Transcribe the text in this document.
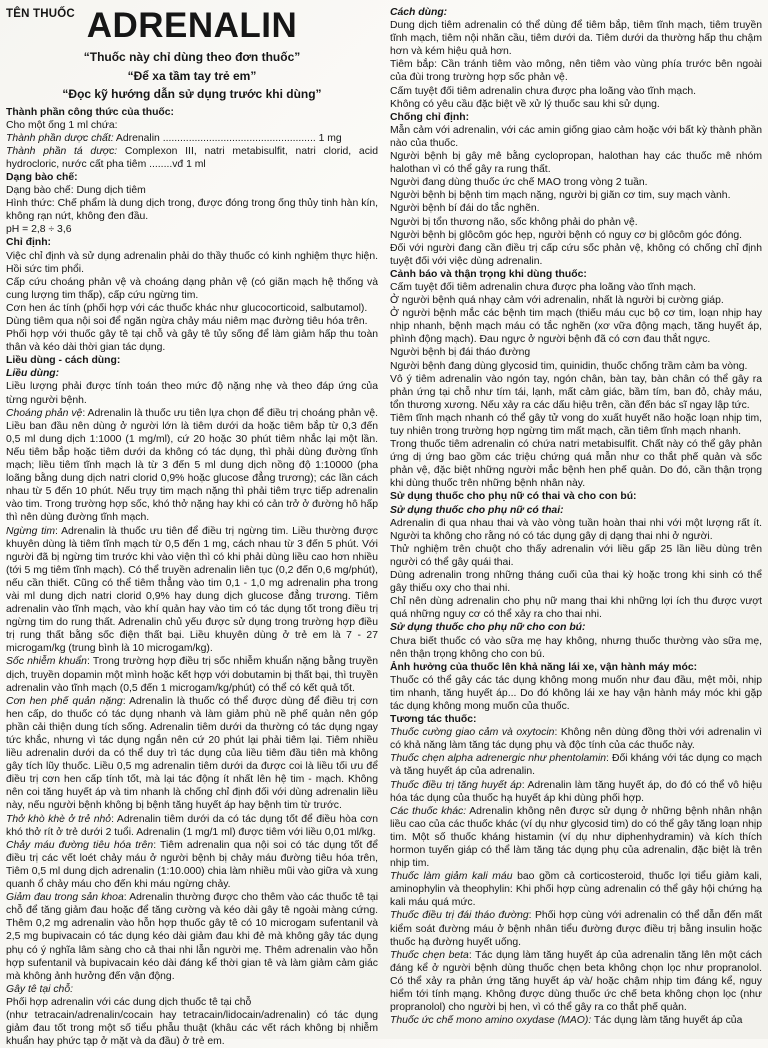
TÊN THUỐC ADRENALIN

“Thuốc này chỉ dùng theo đơn thuốc”

“Để xa tầm tay trẻ em”

“Đọc kỹ hướng dẫn sử dụng trước khi dùng”

Thành phần công thức của thuốc:

Cho một ống 1 ml chứa:

Thành phần dược chất: Adrenalin ..................................................... 1 mg

Thành phần tá dược: Complexon III, natri metabisulfit, natri clorid, acid hydrocloric, nước cất pha tiêm ........vđ 1 ml

Dạng bào chế:

Dạng bào chế: Dung dịch tiêm

Hình thức: Chế phẩm là dung dịch trong, được đóng trong ống thủy tinh hàn kín, không rạn nứt, không đen đầu.

pH = 2,8 ÷ 3,6

Chỉ định:

Việc chỉ định và sử dụng adrenalin phải do thầy thuốc có kinh nghiệm thực hiện. Hồi sức tim phổi.

Cấp cứu choáng phản vệ và choáng dạng phản vệ (có giãn mạch hệ thống và cung lượng tim thấp), cấp cứu ngừng tim.

Cơn hen ác tính (phối hợp với các thuốc khác như glucocorticoid, salbutamol).

Dùng tiêm qua nội soi để ngăn ngừa chảy máu niêm mạc đường tiêu hóa trên.

Phối hợp với thuốc gây tê tại chỗ và gây tê tủy sống để làm giảm hấp thu toàn thân và kéo dài thời gian tác dụng.

Liều dùng - cách dùng:

Liều dùng:

Liều lượng phải được tính toán theo mức độ nặng nhẹ và theo đáp ứng của từng người bệnh.

Choáng phản vệ: Adrenalin là thuốc ưu tiên lựa chọn để điều trị choáng phản vệ. Liều ban đầu nên dùng ở người lớn là tiêm dưới da hoặc tiêm bắp từ 0,3 đến 0,5 ml dung dịch 1:1000 (1 mg/ml), cứ 20 hoặc 30 phút tiêm nhắc lại một lần. Nếu tiêm bắp hoặc tiêm dưới da không có tác dụng, thì phải dùng đường tĩnh mạch; liều tiêm tĩnh mạch là từ 3 đến 5 ml dung dịch nồng độ 1:10000 (pha loãng bằng dung dịch natri clorid 0,9% hoặc glucose đẳng trương); các lần cách nhau từ 5 đến 10 phút. Nếu trụy tim mạch nặng thì phải tiêm trực tiếp adrenalin vào tim. Trong trường hợp sốc, khó thở nặng hay khi có cản trở ở đường hô hấp thì nên dùng đường tĩnh mạch.

Ngừng tim: Adrenalin là thuốc ưu tiên để điều trị ngừng tim. Liều thường được khuyên dùng là tiêm tĩnh mạch từ 0,5 đến 1 mg, cách nhau từ 3 đến 5 phút. Với người đã bị ngừng tim trước khi vào viện thì có khi phải dùng liều cao hơn nhiều (tới 5 mg tiêm tĩnh mạch). Có thể truyền adrenalin liên tục (0,2 đến 0,6 mg/phút), nếu cần thiết. Cũng có thể tiêm thẳng vào tim 0,1 - 1,0 mg adrenalin pha trong vài ml dung dịch natri clorid 0,9% hay dung dịch glucose đẳng trương. Tiêm adrenalin vào tĩnh mạch, vào khí quản hay vào tim có tác dụng tốt trong điều trị ngừng tim do rung thất. Adrenalin chủ yếu được sử dụng trong trường hợp điều trị rung thất bằng sốc điện thất bại. Liều khuyên dùng ở trẻ em là 7 - 27 microgam/kg (trung bình là 10 microgam/kg).

Sốc nhiễm khuẩn: Trong trường hợp điều trị sốc nhiễm khuẩn nặng bằng truyền dịch, truyền dopamin một mình hoặc kết hợp với dobutamin bị thất bại, thì truyền adrenalin vào tĩnh mạch (0,5 đến 1 microgam/kg/phút) có thể có kết quả tốt.

Cơn hen phế quản nặng: Adrenalin là thuốc có thể được dùng để điều trị cơn hen cấp, do thuốc có tác dụng nhanh và làm giảm phù nề phế quản nên góp phần cải thiện dung tích sống. Adrenalin tiêm dưới da thường có tác dụng ngay tức khắc, nhưng vì tác dụng ngắn nên cứ 20 phút lại phải tiêm lại. Tiêm nhiều liều adrenalin dưới da có thể duy trì tác dụng của liều tiêm đầu tiên mà không gây tích lũy thuốc. Liều 0,5 mg adrenalin tiêm dưới da được coi là liều tối ưu để điều trị cơn hen cấp tính tốt, mà lại tác động ít nhất lên hệ tim - mạch. Không nên coi tăng huyết áp và tim nhanh là chống chỉ định đối với dùng adrenalin liều này, nếu người bệnh không bị bệnh tăng huyết áp hay bệnh tim từ trước.

Thở khò khè ở trẻ nhỏ: Adrenalin tiêm dưới da có tác dụng tốt để điều hòa cơn khó thở rít ở trẻ dưới 2 tuổi. Adrenalin (1 mg/1 ml) được tiêm với liều 0,01 ml/kg.

Chảy máu đường tiêu hóa trên: Tiêm adrenalin qua nội soi có tác dụng tốt để điều trị các vết loét chảy máu ở người bệnh bị chảy máu đường tiêu hóa trên, Tiêm 0,5 ml dung dịch adrenalin (1:10.000) chia làm nhiều mũi vào giữa và xung quanh ổ chảy máu cho đến khi máu ngừng chảy.

Giảm đau trong sản khoa: Adrenalin thường được cho thêm vào các thuốc tê tại chỗ để tăng giảm đau hoặc để tăng cường và kéo dài gây tê ngoài màng cứng. Thêm 0,2 mg adrenalin vào hỗn hợp thuốc gây tê có 10 microgam sufentanil và 2,5 mg bupivacain có tác dụng kéo dài giảm đau khi đẻ mà không gây tác dụng phụ có ý nghĩa lâm sàng cho cả thai nhi lẫn người mẹ. Thêm adrenalin vào hỗn hợp sufentanil và bupivacain kéo dài đáng kể thời gian tê và làm giảm cảm giác mà không ảnh hưởng đến vận động.

Gây tê tại chỗ:

Phối hợp adrenalin với các dung dịch thuốc tê tại chỗ

(như tetracain/adrenalin/cocain hay tetracain/lidocain/adrenalin) có tác dụng giảm đau tốt trong một số tiểu phẫu thuật (khâu các vết rách không bị nhiễm khuẩn hay phức tạp ở mặt và da đầu) ở trẻ em.

Cách dùng:

Dung dịch tiêm adrenalin có thể dùng để tiêm bắp, tiêm tĩnh mạch, tiêm truyền tĩnh mạch, tiêm nội nhãn cầu, tiêm dưới da. Tiêm dưới da thường hấp thu chậm hơn và kém hiệu quả hơn.

Tiêm bắp: Cần tránh tiêm vào mông, nên tiêm vào vùng phía trước bên ngoài của đùi trong trường hợp sốc phản vệ.

Cấm tuyệt đối tiêm adrenalin chưa được pha loãng vào tĩnh mạch.

Không có yêu cầu đặc biệt về xử lý thuốc sau khi sử dụng.

Chống chỉ định:

Mẫn cảm với adrenalin, với các amin giống giao cảm hoặc với bất kỳ thành phần nào của thuốc.

Người bệnh bị gây mê bằng cyclopropan, halothan hay các thuốc mê nhóm halothan vì có thể gây ra rung thất.

Người đang dùng thuốc ức chế MAO trong vòng 2 tuần.

Người bệnh bị bệnh tim mạch nặng, người bị giãn cơ tim, suy mạch vành.

Người bệnh bí đái do tắc nghẽn.

Người bị tổn thương não, sốc không phải do phản vệ.

Người bệnh bị glôcôm góc hẹp, người bệnh có nguy cơ bị glôcôm góc đóng.

Đối với người đang cần điều trị cấp cứu sốc phản vệ, không có chống chỉ định tuyệt đối với việc dùng adrenalin.

Cảnh báo và thận trọng khi dùng thuốc:

Cấm tuyệt đối tiêm adrenalin chưa được pha loãng vào tĩnh mạch.

Ở người bệnh quá nhạy cảm với adrenalin, nhất là người bị cường giáp.

Ở người bệnh mắc các bệnh tim mạch (thiếu máu cục bộ cơ tim, loạn nhịp hay nhịp nhanh, bệnh mạch máu có tắc nghẽn (xơ vữa động mạch, tăng huyết áp, phình động mạch). Đau ngực ở người bệnh đã có cơn đau thắt ngực.

Người bệnh bị đái tháo đường

Người bệnh đang dùng glycosid tim, quinidin, thuốc chống trầm cảm ba vòng.

Vô ý tiêm adrenalin vào ngón tay, ngón chân, bàn tay, bàn chân có thể gây ra phản ứng tại chỗ như tím tái, lạnh, mất cảm giác, bầm tím, ban đỏ, chảy máu, tổn thương xương. Nếu xảy ra các dấu hiệu trên, cần đến bác sĩ ngay lập tức.

Tiêm tĩnh mạch nhanh có thể gây tử vong do xuất huyết não hoặc loạn nhịp tim, tuy nhiên trong trường hợp ngừng tim mất mạch, cần tiêm tĩnh mạch nhanh.

Trong thuốc tiêm adrenalin có chứa natri metabisulfit. Chất này có thể gây phản ứng dị ứng bao gồm các triệu chứng quá mẫn như co thắt phế quản và sốc phản vệ, đặc biệt những người mắc bệnh hen phế quản. Do đó, cần thận trọng khi dùng thuốc trên những bệnh nhân này.

Sử dụng thuốc cho phụ nữ có thai và cho con bú:

Sử dụng thuốc cho phụ nữ có thai:

Adrenalin đi qua nhau thai và vào vòng tuần hoàn thai nhi với một lượng rất ít. Người ta không cho rằng nó có tác dụng gây dị dạng thai nhi ở người.

Thử nghiệm trên chuột cho thấy adrenalin với liều gấp 25 lần liều dùng trên người có thể gây quái thai.

Dùng adrenalin trong những tháng cuối của thai kỳ hoặc trong khi sinh có thể gây thiếu oxy cho thai nhi.

Chỉ nên dùng adrenalin cho phụ nữ mang thai khi những lợi ích thu được vượt quá những nguy cơ có thể xảy ra cho thai nhi.

Sử dụng thuốc cho phụ nữ cho con bú:

Chưa biết thuốc có vào sữa mẹ hay không, nhưng thuốc thường vào sữa mẹ, nên thận trọng không cho con bú.

Ảnh hưởng của thuốc lên khả năng lái xe, vận hành máy móc:

Thuốc có thể gây các tác dụng không mong muốn như đau đầu, mệt mỏi, nhịp tim nhanh, tăng huyết áp... Do đó không lái xe hay vận hành máy móc khi gặp tác dụng không mong muốn của thuốc.

Tương tác thuốc:

Thuốc cường giao cảm và oxytocin: Không nên dùng đồng thời với adrenalin vì có khả năng làm tăng tác dụng phụ và độc tính của các thuốc này.

Thuốc chẹn alpha adrenergic như phentolamin: Đối kháng với tác dụng co mạch và tăng huyết áp của adrenalin.

Thuốc điều trị tăng huyết áp: Adrenalin làm tăng huyết áp, do đó có thể vô hiệu hóa tác dụng của thuốc hạ huyết áp khi dùng phối hợp.

Các thuốc khác: Adrenalin không nên được sử dụng ở những bệnh nhân nhận liều cao của các thuốc khác (ví dụ như glycosid tim) do có thể gây tăng loạn nhịp tim. Một số thuốc kháng histamin (ví dụ như diphenhydramin) và kích thích hormon tuyến giáp có thể làm tăng tác dụng phụ của adrenalin, đặc biệt là trên nhịp tim.

Thuốc làm giảm kali máu bao gồm cả corticosteroid, thuốc lợi tiểu giảm kali, aminophylin và theophylin: Khi phối hợp cùng adrenalin có thể gây hội chứng hạ kali máu quá mức.

Thuốc điều trị đái tháo đường: Phối hợp cùng với adrenalin có thể dẫn đến mất kiểm soát đường máu ở bệnh nhân tiểu đường được điều trị bằng insulin hoặc thuốc hạ đường huyết uống.

Thuốc chẹn beta: Tác dụng làm tăng huyết áp của adrenalin tăng lên một cách đáng kể ở người bệnh dùng thuốc chẹn beta không chọn lọc như propranolol. Có thể xảy ra phản ứng tăng huyết áp và/ hoặc chậm nhịp tim đáng kể, nguy hiểm tới tính mạng. Không được dùng thuốc ức chế beta không chọn lọc (như propranolol) cho người bị hen, vì có thể gây ra co thắt phế quản.

Thuốc ức chế mono amino oxydase (MAO): Tác dụng làm tăng huyết áp của
